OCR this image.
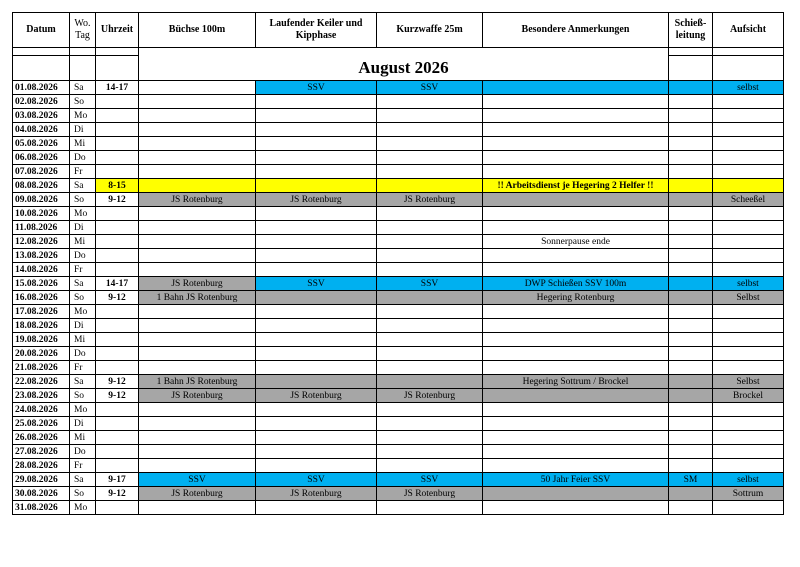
Datum	Wo. Tag	Uhrzeit	Büchse 100m	Laufender Keiler und Kipphase	Kurzwaffe 25m	Besondere Anmerkungen	Schieß-leitung	Aufsicht

			August 2026					
01.08.2026	Sa	14-17		SSV	SSV			selbst
02.08.2026	So							
03.08.2026	Mo							
04.08.2026	Di							
05.08.2026	Mi							
06.08.2026	Do							
07.08.2026	Fr							
08.08.2026	Sa	8-15				!! Arbeitsdienst je Hegering 2 Helfer !!		
09.08.2026	So	9-12	JS Rotenburg	JS Rotenburg	JS Rotenburg			Scheeßel
10.08.2026	Mo							
11.08.2026	Di							
12.08.2026	Mi					Sonnerpause ende		
13.08.2026	Do							
14.08.2026	Fr							
15.08.2026	Sa	14-17	JS Rotenburg	SSV	SSV	DWP Schießen SSV 100m		selbst
16.08.2026	So	9-12	1 Bahn JS Rotenburg			Hegering Rotenburg		Selbst
17.08.2026	Mo							
18.08.2026	Di							
19.08.2026	Mi							
20.08.2026	Do							
21.08.2026	Fr							
22.08.2026	Sa	9-12	1 Bahn JS Rotenburg			Hegering Sottrum / Brockel		Selbst
23.08.2026	So	9-12	JS Rotenburg	JS Rotenburg	JS Rotenburg			Brockel
24.08.2026	Mo							
25.08.2026	Di							
26.08.2026	Mi							
27.08.2026	Do							
28.08.2026	Fr							
29.08.2026	Sa	9-17	SSV	SSV	SSV	50 Jahr Feier SSV	SM	selbst
30.08.2026	So	9-12	JS Rotenburg	JS Rotenburg	JS Rotenburg			Sottrum
31.08.2026	Mo							
